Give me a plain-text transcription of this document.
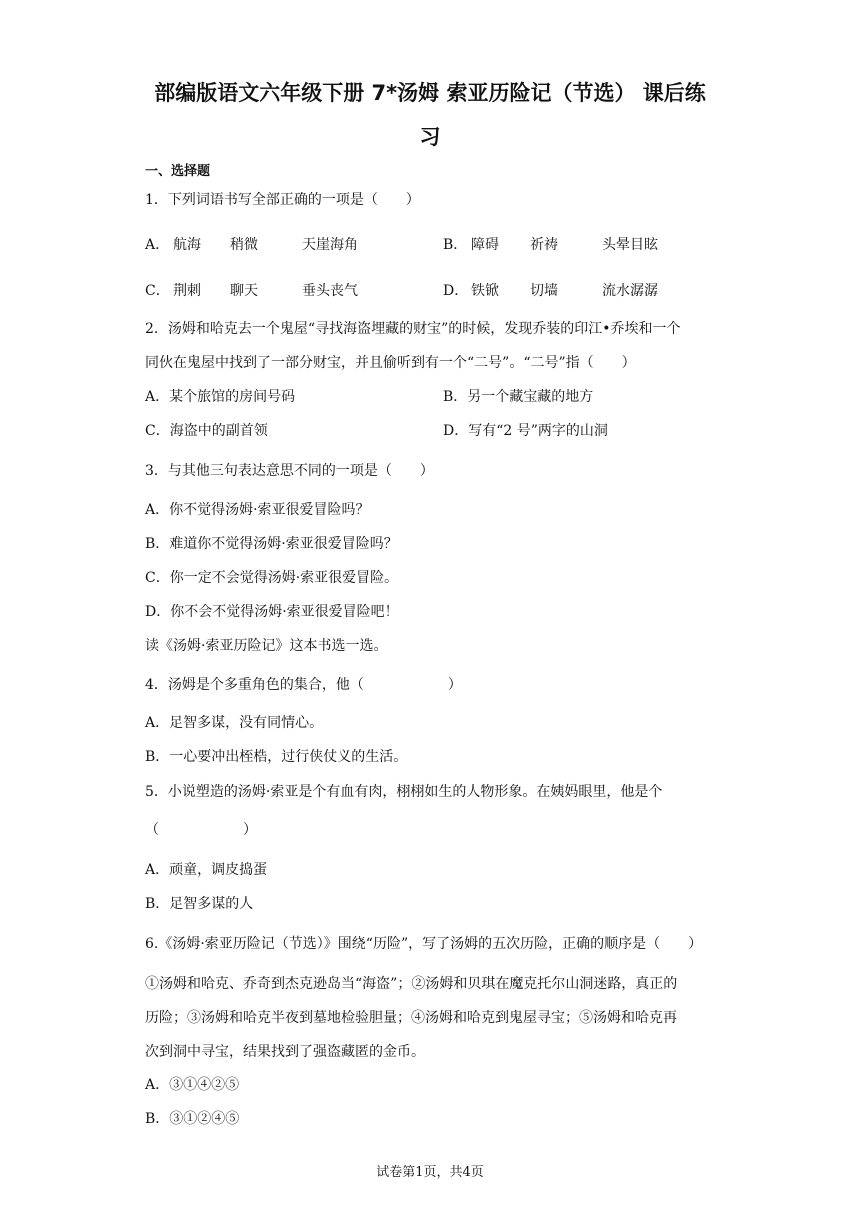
部编版语文六年级下册 7*汤姆 索亚历险记（节选） 课后练
习
一、选择题
1．下列词语书写全部正确的一项是（　　）
A． 航海 稍微	天崖海角	B． 障碍 祈祷	头晕目眩
C． 荆刺 聊天	垂头丧气	D． 铁锨 切墙	流水潺潺
2．汤姆和哈克去一个鬼屋“寻找海盗埋藏的财宝”的时候，发现乔装的印江•乔埃和一个
同伙在鬼屋中找到了一部分财宝，并且偷听到有一个“二号”。“二号”指（　　）
A．某个旅馆的房间号码	B．另一个藏宝藏的地方
C．海盗中的副首领	D．写有“2 号”两字的山洞
3．与其他三句表达意思不同的一项是（　　）
A．你不觉得汤姆·索亚很爱冒险吗？
B．难道你不觉得汤姆·索亚很爱冒险吗？
C．你一定不会觉得汤姆·索亚很爱冒险。
D．你不会不觉得汤姆·索亚很爱冒险吧！
读《汤姆·索亚历险记》这本书选一选。
4．汤姆是个多重角色的集合，他（　　　　　　）
A．足智多谋，没有同情心。
B．一心要冲出桎梏，过行侠仗义的生活。
5．小说塑造的汤姆·索亚是个有血有肉，栩栩如生的人物形象。在姨妈眼里，他是个
（　　　　　　）
A．顽童，调皮捣蛋
B．足智多谋的人
6.《汤姆·索亚历险记（节选）》围绕“历险”，写了汤姆的五次历险，正确的顺序是（　　）
①汤姆和哈克、乔奇到杰克逊岛当“海盗”；②汤姆和贝琪在魔克托尔山洞迷路，真正的
历险；③汤姆和哈克半夜到墓地检验胆量；④汤姆和哈克到鬼屋寻宝；⑤汤姆和哈克再
次到洞中寻宝，结果找到了强盗藏匿的金币。
A．③①④②⑤
B．③①②④⑤
试卷第1页，共4页
